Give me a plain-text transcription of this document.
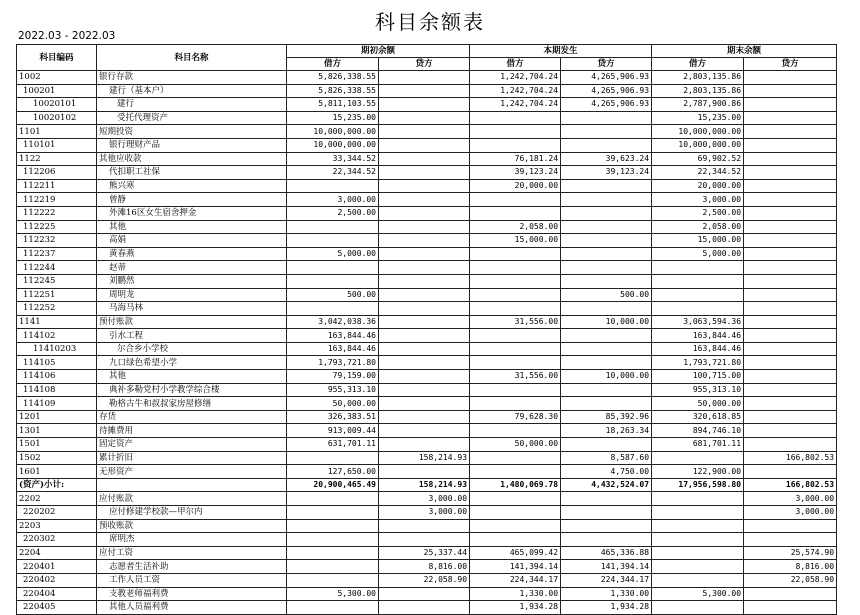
科目余额表
2022.03 - 2022.03
科目编码	科目名称	期初余额		本期发生		期末余额	
		借方	贷方	借方	贷方	借方	贷方
1002	银行存款	5,826,338.55		1,242,704.24	4,265,906.93	2,803,135.86	
100201	建行（基本户）	5,826,338.55		1,242,704.24	4,265,906.93	2,803,135.86	
10020101	建行	5,811,103.55		1,242,704.24	4,265,906.93	2,787,900.86	
10020102	受托代理资产	15,235.00				15,235.00	
1101	短期投资	10,000,000.00				10,000,000.00	
110101	银行理财产品	10,000,000.00				10,000,000.00	
1122	其他应收款	33,344.52		76,181.24	39,623.24	69,902.52	
112206	代扣职工社保	22,344.52		39,123.24	39,123.24	22,344.52	
112211	熊兴寒			20,000.00		20,000.00	
112219	曾静	3,000.00				3,000.00	
112222	外滩16区女生宿舍押金	2,500.00				2,500.00	
112225	其他			2,058.00		2,058.00	
112232	高娟			15,000.00		15,000.00	
112237	黄春燕	5,000.00				5,000.00	
112244	赵蒂						
112245	刘鹏然						
112251	周明龙	500.00			500.00		
112252	马海马林						
1141	预付账款	3,042,038.36		31,556.00	10,000.00	3,063,594.36	
114102	引水工程	163,844.46				163,844.46	
11410203	尔合乡小学校	163,844.46				163,844.46	
114105	九口绿色希望小学	1,793,721.80				1,793,721.80	
114106	其他	79,159.00		31,556.00	10,000.00	100,715.00	
114108	典补多勒党村小学教学综合楼	955,313.10				955,313.10	
114109	勒格古牛和叔叔家房屋修缮	50,000.00				50,000.00	
1201	存货	326,383.51		79,628.30	85,392.96	320,618.85	
1301	待摊费用	913,009.44			18,263.34	894,746.10	
1501	固定资产	631,701.11		50,000.00		681,701.11	
1502	累计折旧		158,214.93		8,587.60		166,802.53
1601	无形资产	127,650.00			4,750.00	122,900.00	
(资产)小计:		20,900,465.49	158,214.93	1,480,069.78	4,432,524.07	17,956,598.80	166,802.53
2202	应付账款		3,000.00				3,000.00
220202	应付修建学校款—甲尔内		3,000.00				3,000.00
2203	预收账款						
220302	席明杰						
2204	应付工资		25,337.44	465,099.42	465,336.88		25,574.90
220401	志愿者生活补助		8,816.00	141,394.14	141,394.14		8,816.00
220402	工作人员工资		22,058.90	224,344.17	224,344.17		22,058.90
220404	支教老师福利费	5,300.00		1,330.00	1,330.00	5,300.00	
220405	其他人员福利费			1,934.28	1,934.28		
